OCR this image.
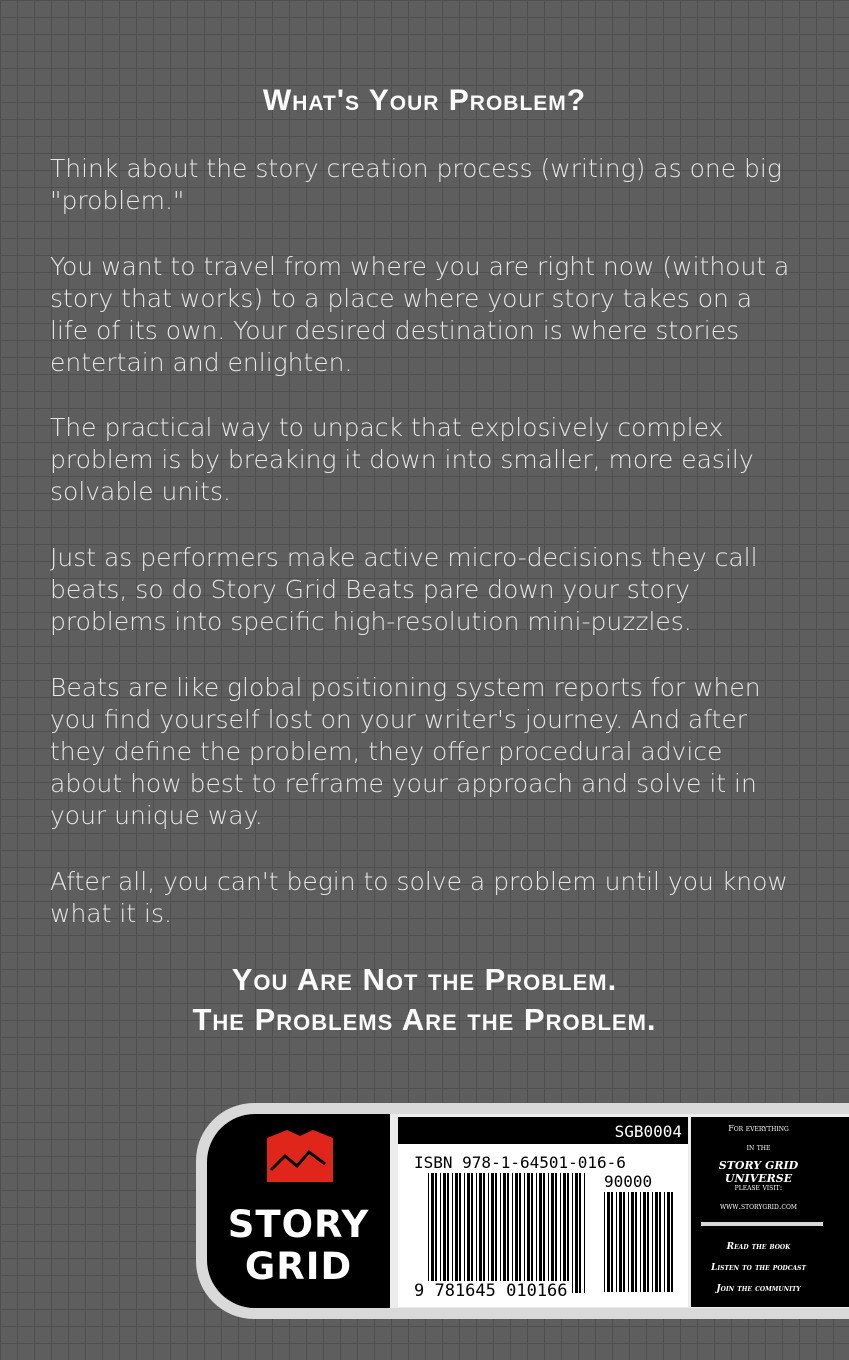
What's Your Problem?
Think about the story creation process (writing) as one big "problem."
You want to travel from where you are right now (without a story that works) to a place where your story takes on a life of its own. Your desired destination is where stories entertain and enlighten.
The practical way to unpack that explosively complex problem is by breaking it down into smaller, more easily solvable units.
Just as performers make active micro-decisions they call beats, so do Story Grid Beats pare down your story problems into specific high-resolution mini-puzzles.
Beats are like global positioning system reports for when you find yourself lost on your writer's journey. And after they define the problem, they offer procedural advice about how best to reframe your approach and solve it in your unique way.
After all, you can't begin to solve a problem until you know what it is.
You Are Not the Problem.
The Problems Are the Problem.
STORY
GRID
SGB0004
ISBN 978-1-64501-016-6
90000
9 781645 010166
For everything
in the
STORY GRID UNIVERSE
please visit:
www.storygrid.com
Read the book
Listen to the podcast
Join the community
